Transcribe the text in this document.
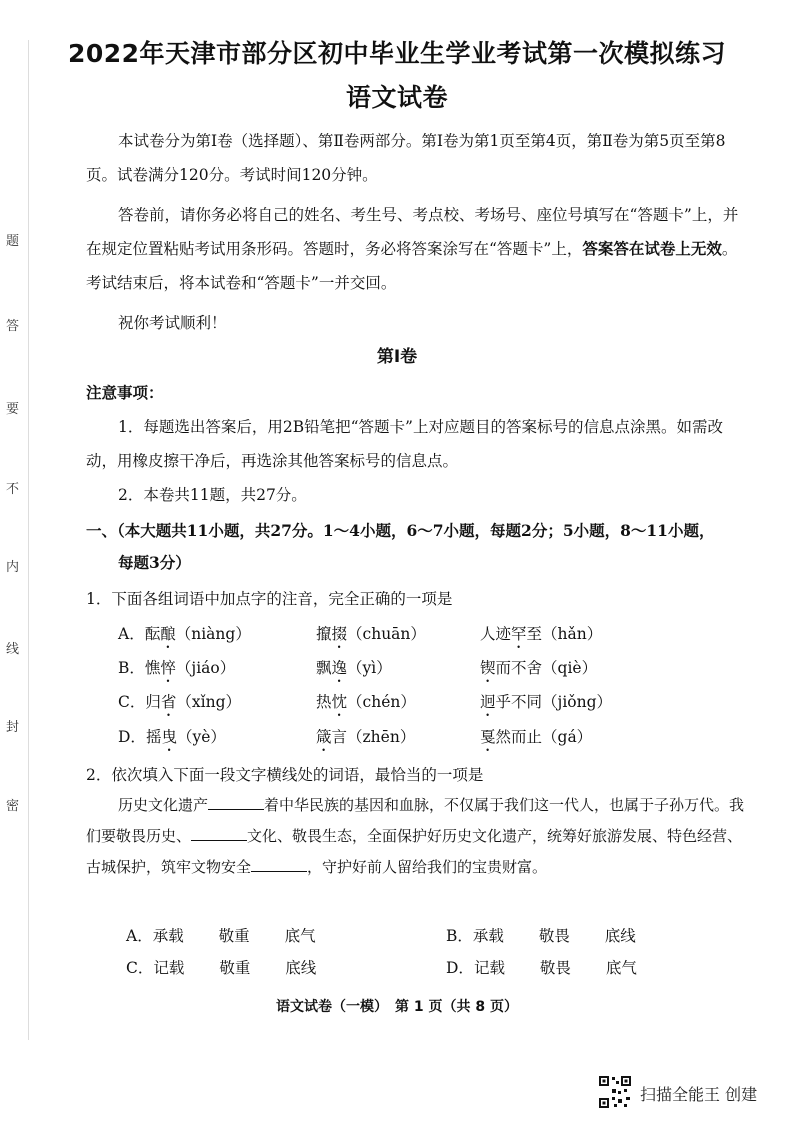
题
答
要
不
内
线
封
密
2022年天津市部分区初中毕业生学业考试第一次模拟练习
语文试卷
本试卷分为第Ⅰ卷（选择题）、第Ⅱ卷两部分。第Ⅰ卷为第1页至第4页，第Ⅱ卷为第5页至第8页。试卷满分120分。考试时间120分钟。
答卷前，请你务必将自己的姓名、考生号、考点校、考场号、座位号填写在“答题卡”上，并在规定位置粘贴考试用条形码。答题时，务必将答案涂写在“答题卡”上，答案答在试卷上无效。考试结束后，将本试卷和“答题卡”一并交回。
祝你考试顺利！
第Ⅰ卷
注意事项：
1．每题选出答案后，用2B铅笔把“答题卡”上对应题目的答案标号的信息点涂黑。如需改动，用橡皮擦干净后，再选涂其他答案标号的信息点。
2．本卷共11题，共27分。
一、（本大题共11小题，共27分。1～4小题，6～7小题，每题2分；5小题，8～11小题，
每题3分）
1．下面各组词语中加点字的注音，完全正确的一项是
A．酝酿（niàng）	攛掇（chuān）	人迹罕至（hǎn）
B．憔悴（jiáo）	飘逸（yì）	锲而不舍（qiè）
C．归省（xǐng）	热忱（chén）	迥乎不同（jiǒng）
D．摇曳（yè）	箴言（zhēn）	戛然而止（gá）
2．依次填入下面一段文字横线处的词语，最恰当的一项是
历史文化遗产	着中华民族的基因和血脉，不仅属于我们这一代人，也属于子孙万代。我们要敬畏历史、	文化、敬畏生态，全面保护好历史文化遗产，统筹好旅游发展、特色经营、古城保护，筑牢文物安全	，守护好前人留给我们的宝贵财富。
A．承载 敬重 底气	B．承载 敬畏 底线
C．记载 敬重 底线	D．记载 敬畏 底气
语文试卷（一模）　第 1 页（共 8 页）
扫描全能王 创建
